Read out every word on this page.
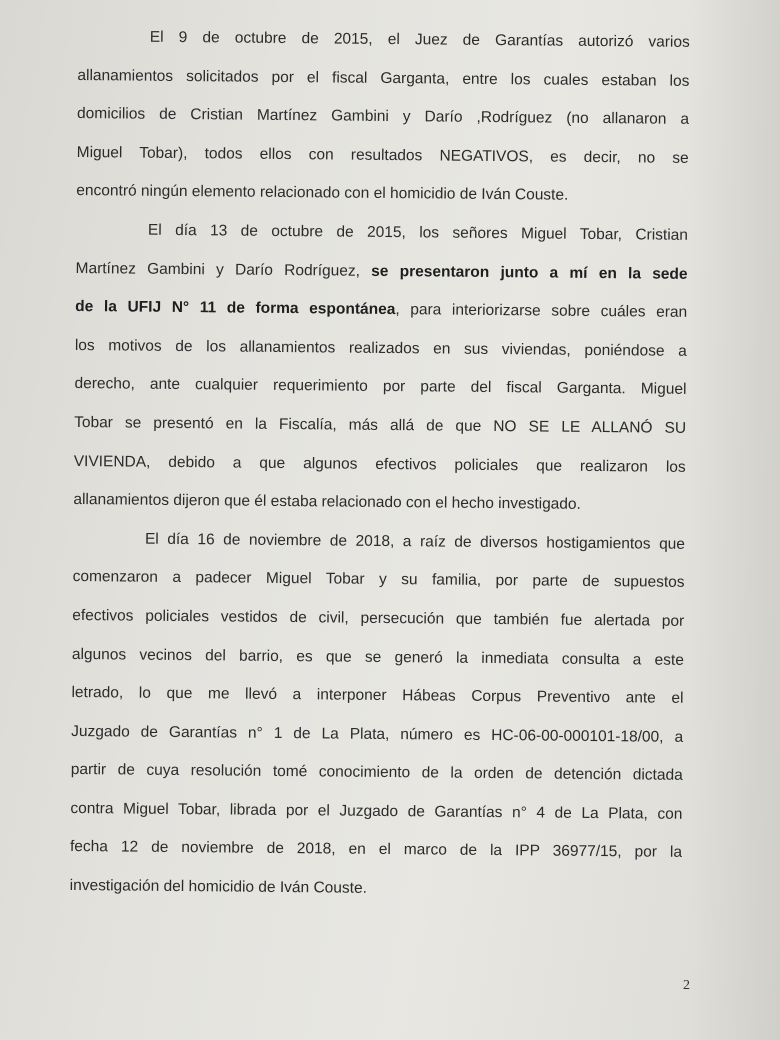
El 9 de octubre de 2015, el Juez de Garantías autorizó varios
allanamientos solicitados por el fiscal Garganta, entre los cuales estaban los
domicilios de Cristian Martínez Gambini y Darío ,Rodríguez (no allanaron a
Miguel Tobar), todos ellos con resultados NEGATIVOS, es decir, no se
encontró ningún elemento relacionado con el homicidio de Iván Couste.
El día 13 de octubre de 2015, los señores Miguel Tobar, Cristian
Martínez Gambini y Darío Rodríguez, se presentaron junto a mí en la sede
de la UFIJ N° 11 de forma espontánea, para interiorizarse sobre cuáles eran
los motivos de los allanamientos realizados en sus viviendas, poniéndose a
derecho, ante cualquier requerimiento por parte del fiscal Garganta. Miguel
Tobar se presentó en la Fiscalía, más allá de que NO SE LE ALLANÓ SU
VIVIENDA, debido a que algunos efectivos policiales que realizaron los
allanamientos dijeron que él estaba relacionado con el hecho investigado.
El día 16 de noviembre de 2018, a raíz de diversos hostigamientos que
comenzaron a padecer Miguel Tobar y su familia, por parte de supuestos
efectivos policiales vestidos de civil, persecución que también fue alertada por
algunos vecinos del barrio, es que se generó la inmediata consulta a este
letrado, lo que me llevó a interponer Hábeas Corpus Preventivo ante el
Juzgado de Garantías n° 1 de La Plata, número es HC-06-00-000101-18/00, a
partir de cuya resolución tomé conocimiento de la orden de detención dictada
contra Miguel Tobar, librada por el Juzgado de Garantías n° 4 de La Plata, con
fecha 12 de noviembre de 2018, en el marco de la IPP 36977/15, por la
investigación del homicidio de Iván Couste.
2
